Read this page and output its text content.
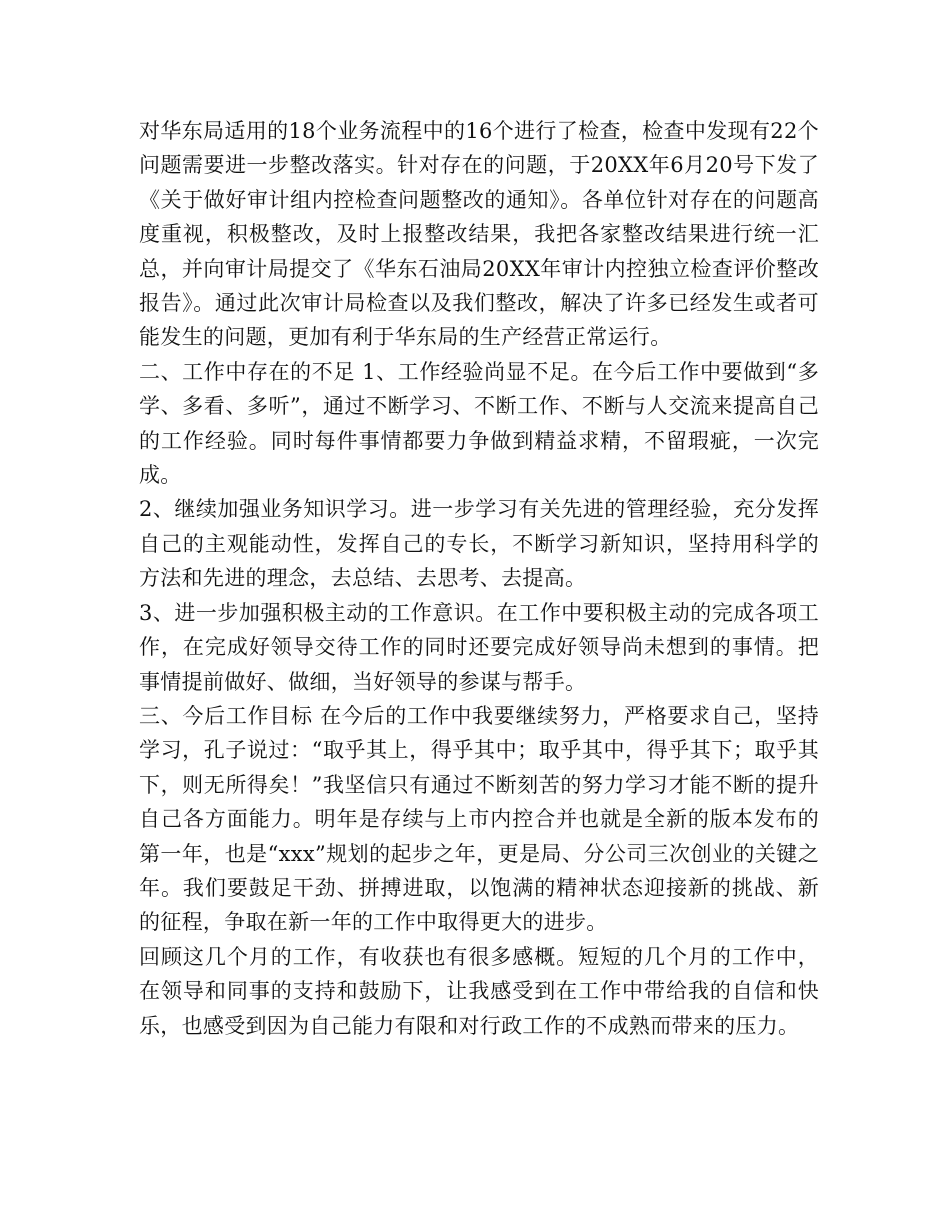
对华东局适用的18个业务流程中的16个进行了检查，检查中发现有22个问题需要进一步整改落实。针对存在的问题，于20XX年6月20号下发了《关于做好审计组内控检查问题整改的通知》。各单位针对存在的问题高度重视，积极整改，及时上报整改结果，我把各家整改结果进行统一汇总，并向审计局提交了《华东石油局20XX年审计内控独立检查评价整改报告》。通过此次审计局检查以及我们整改，解决了许多已经发生或者可能发生的问题，更加有利于华东局的生产经营正常运行。

二、工作中存在的不足 1、工作经验尚显不足。在今后工作中要做到“多学、多看、多听”，通过不断学习、不断工作、不断与人交流来提高自己的工作经验。同时每件事情都要力争做到精益求精，不留瑕疵，一次完成。

2、继续加强业务知识学习。进一步学习有关先进的管理经验，充分发挥自己的主观能动性，发挥自己的专长，不断学习新知识，坚持用科学的方法和先进的理念，去总结、去思考、去提高。

3、进一步加强积极主动的工作意识。在工作中要积极主动的完成各项工作，在完成好领导交待工作的同时还要完成好领导尚未想到的事情。把事情提前做好、做细，当好领导的参谋与帮手。

三、今后工作目标 在今后的工作中我要继续努力，严格要求自己，坚持学习，孔子说过：“取乎其上，得乎其中；取乎其中，得乎其下；取乎其下，则无所得矣！”我坚信只有通过不断刻苦的努力学习才能不断的提升自己各方面能力。明年是存续与上市内控合并也就是全新的版本发布的第一年，也是“xxx”规划的起步之年，更是局、分公司三次创业的关键之年。我们要鼓足干劲、拼搏进取，以饱满的精神状态迎接新的挑战、新的征程，争取在新一年的工作中取得更大的进步。

回顾这几个月的工作，有收获也有很多感概。短短的几个月的工作中，在领导和同事的支持和鼓励下，让我感受到在工作中带给我的自信和快乐，也感受到因为自己能力有限和对行政工作的不成熟而带来的压力。
